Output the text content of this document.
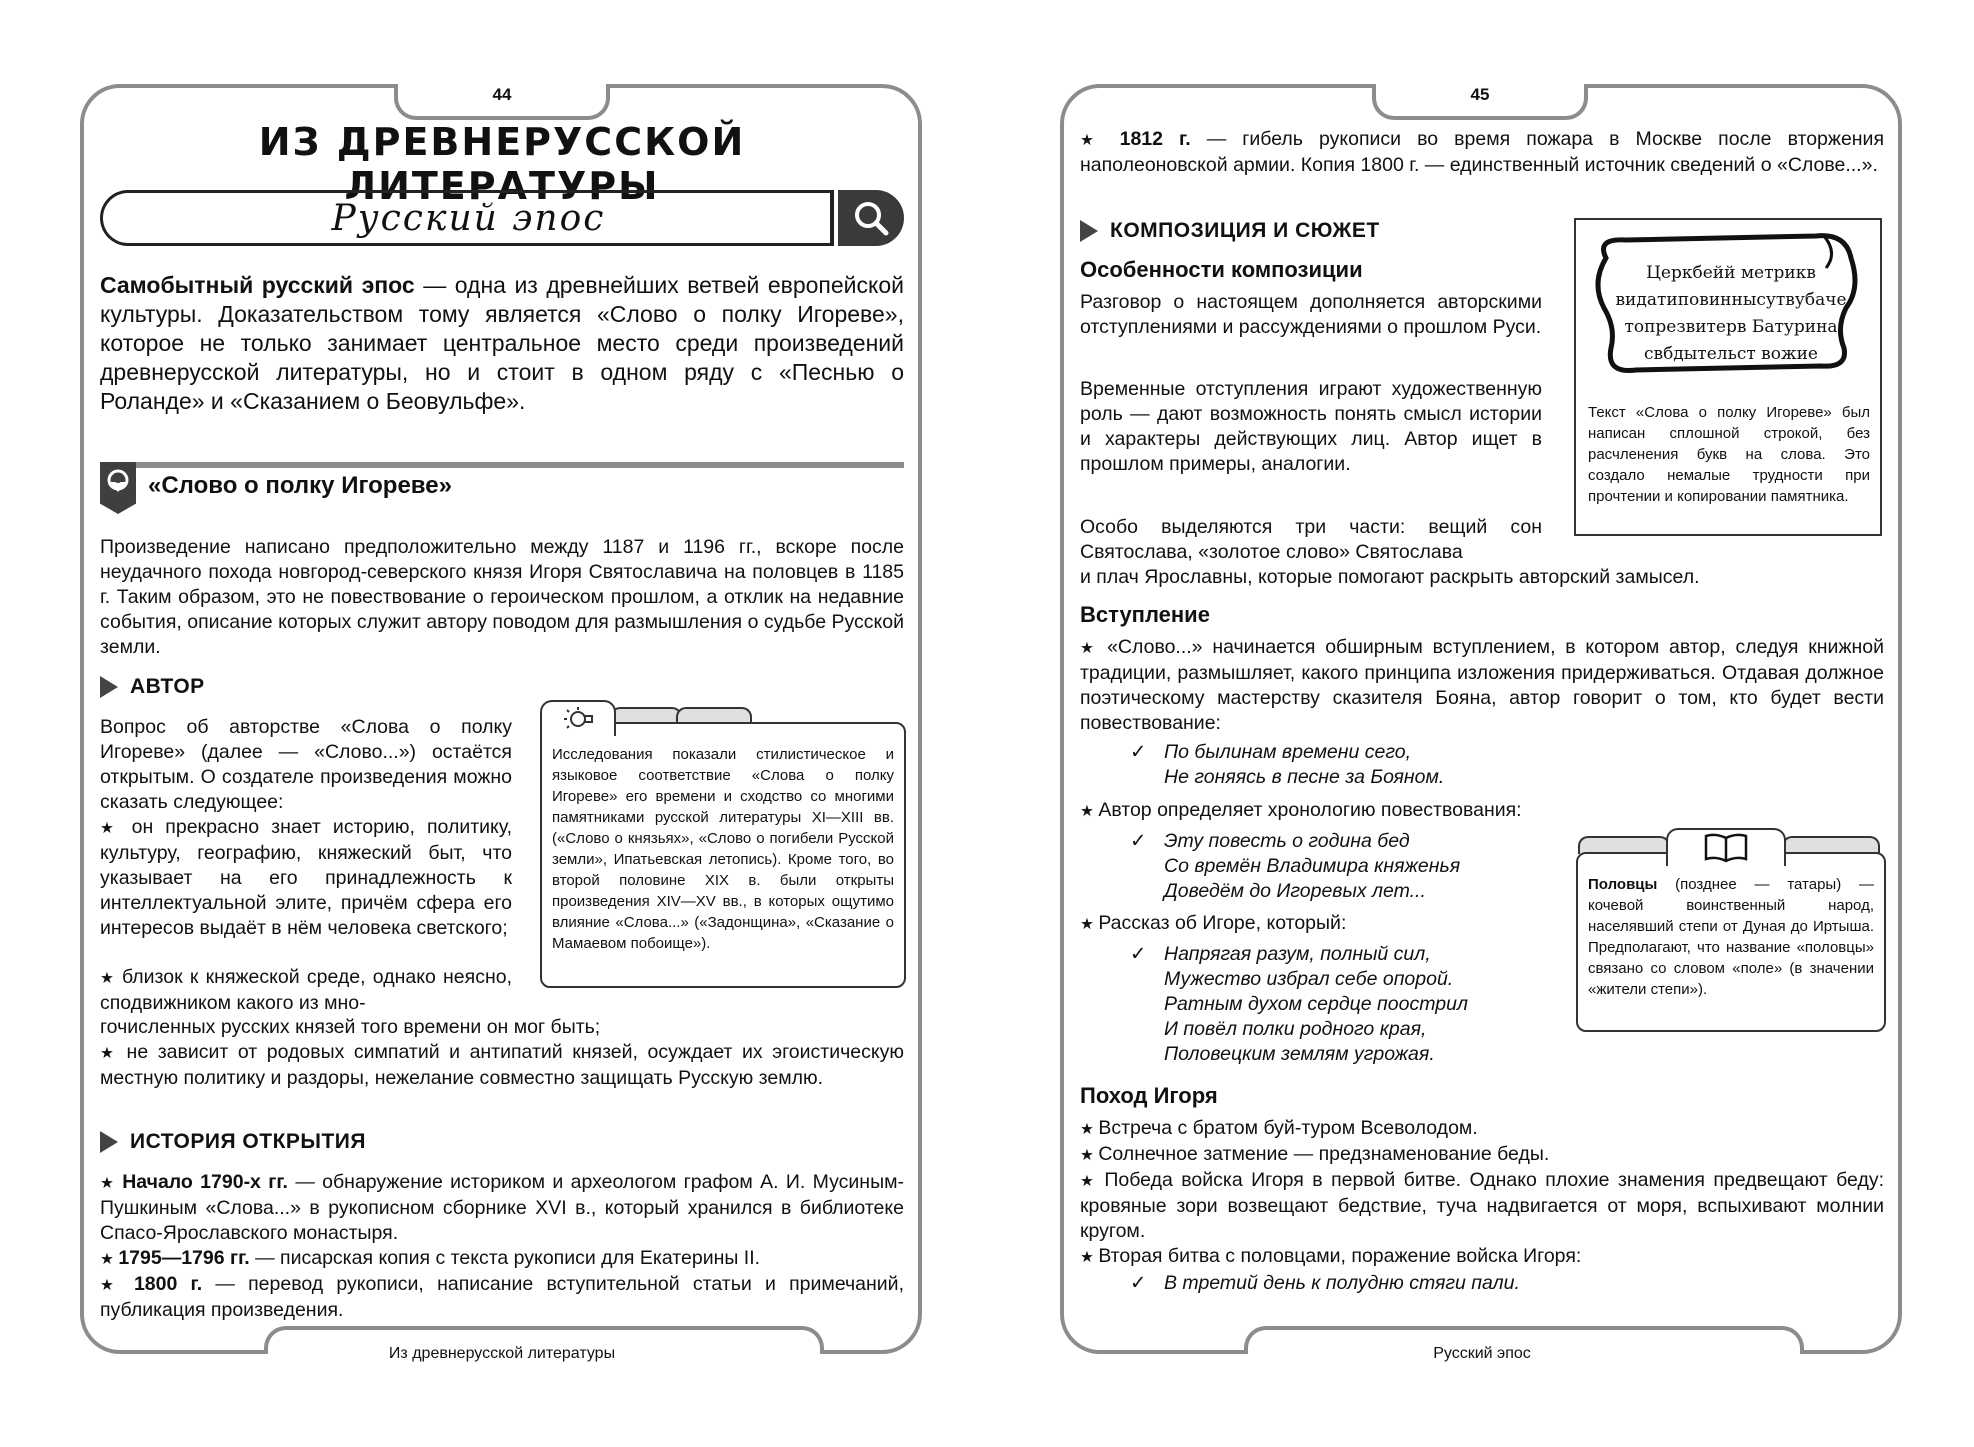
44
Из древнерусской литературы
ИЗ ДРЕВНЕРУССКОЙ ЛИТЕРАТУРЫ
Русский эпос
Самобытный русский эпос — одна из древнейших ветвей европейской культуры. Доказательством тому является «Слово о полку Игореве», которое не только занимает центральное место среди произведений древнерусской литературы, но и стоит в одном ряду с «Песнью о Роланде» и «Сказанием о Беовульфе».
«Слово о полку Игореве»
Произведение написано предположительно между 1187 и 1196 гг., вскоре после неудачного похода новгород-северского князя Игоря Святославича на половцев в 1185 г. Таким образом, это не повествование о героическом прошлом, а отклик на недавние события, описание которых служит автору поводом для размышления о судьбе Русской земли.
АВТОР
Вопрос об авторстве «Слова о полку Игореве» (далее — «Слово...») остаётся открытым. О создателе произведения можно сказать следующее:
★ он прекрасно знает историю, политику, культуру, географию, княжеский быт, что указывает на его принадлежность к интеллектуальной элите, причём сфера его интересов выдаёт в нём человека светского;
★ близок к княжеской среде, однако неясно, сподвижником какого из мно-
гочисленных русских князей того времени он мог быть;
★ не зависит от родовых симпатий и антипатий князей, осуждает их эгоистическую местную политику и раздоры, нежелание совместно защищать Русскую землю.
Исследования показали стилистическое и языковое соответствие «Слова о полку Игореве» его времени и сходство со многими памятниками русской литературы XI—XIII вв. («Слово о князьях», «Слово о погибели Русской земли», Ипатьевская летопись). Кроме того, во второй половине XIX в. были открыты произведения XIV—XV вв., в которых ощутимо влияние «Слова...» («Задонщина», «Сказание о Мамаевом побоище»).
ИСТОРИЯ ОТКРЫТИЯ
★ Начало 1790-х гг. — обнаружение историком и археологом графом А. И. Мусиным-Пушкиным «Слова...» в рукописном сборнике XVI в., который хранился в библиотеке Спасо-Ярославского монастыря.
★ 1795—1796 гг. — писарская копия с текста рукописи для Екатерины II.
★ 1800 г. — перевод рукописи, написание вступительной статьи и примечаний, публикация произведения.
45
Русский эпос
★ 1812 г. — гибель рукописи во время пожара в Москве после вторжения наполеоновской армии. Копия 1800 г. — единственный источник сведений о «Слове...».
КОМПОЗИЦИЯ И СЮЖЕТ
Особенности композиции
Разговор о настоящем дополняется авторскими отступлениями и рассуждениями о прошлом Руси.
Временные отступления играют художественную роль — дают возможность понять смысл истории и характеры действующих лиц. Автор ищет в прошлом примеры, аналогии.
Особо выделяются три части: вещий сон Святослава, «золотое слово» Святослава
и плач Ярославны, которые помогают раскрыть авторский замысел.
Церкбейй метрикв
видатиповиннысутвубаче
топрезвитерв Батурина
свбдытельст вожие
Текст «Слова о полку Игореве» был написан сплошной строкой, без расчленения букв на слова. Это создало немалые трудности при прочтении и копировании памятника.
Вступление
★ «Слово...» начинается обширным вступлением, в котором автор, следуя книжной традиции, размышляет, какого принципа изложения придерживаться. Отдавая должное поэтическому мастерству сказителя Бояна, автор говорит о том, кто будет вести повествование:
✓ По былинам времени сего,
Не гоняясь в песне за Бояном.
★ Автор определяет хронологию повествования:
✓ Эту повесть о година бед
Со времён Владимира княженья
Доведём до Игоревых лет...
★ Рассказ об Игоре, который:
✓ Напрягая разум, полный сил,
Мужество избрал себе опорой.
Ратным духом сердце поострил
И повёл полки родного края,
Половецким землям угрожая.
Половцы (позднее — татары) — кочевой воинственный народ, населявший степи от Дуная до Иртыша. Предполагают, что название «половцы» связано со словом «поле» (в значении «жители степи»).
Поход Игоря
★ Встреча с братом буй-туром Всеволодом.
★ Солнечное затмение — предзнаменование беды.
★ Победа войска Игоря в первой битве. Однако плохие знамения предвещают беду: кровяные зори возвещают бедствие, туча надвигается от моря, вспыхивают молнии кругом.
★ Вторая битва с половцами, поражение войска Игоря:
✓ В третий день к полудню стяги пали.
